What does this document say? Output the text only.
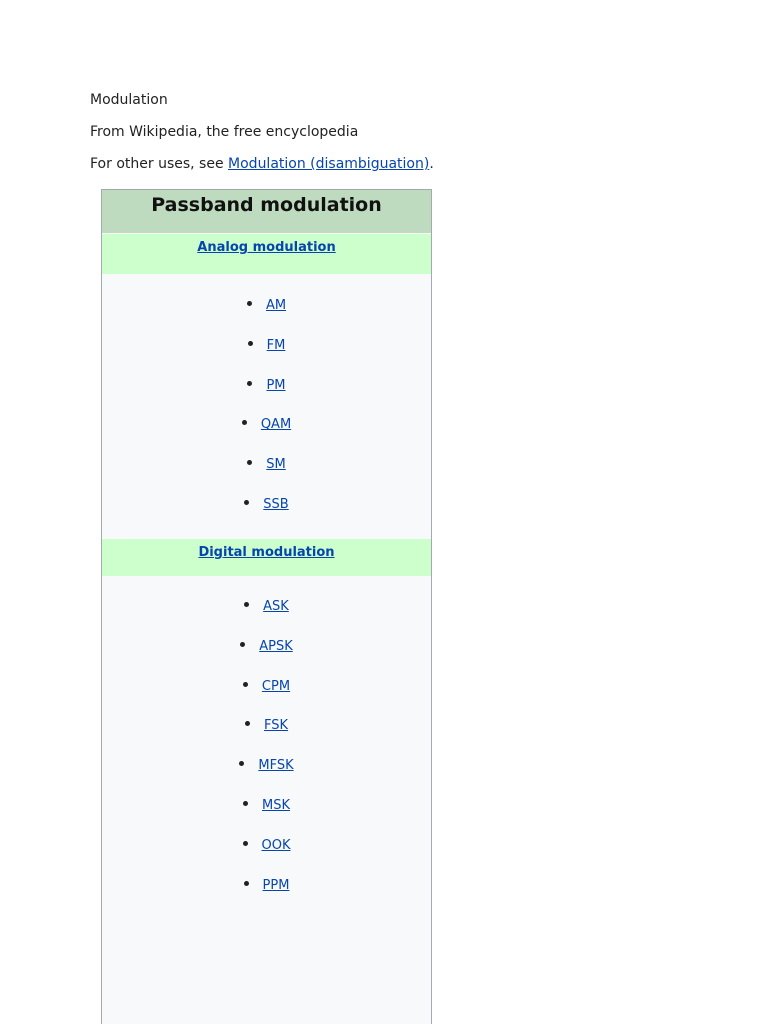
Modulation
From Wikipedia, the free encyclopedia
For other uses, see Modulation (disambiguation).
Passband modulation
Analog modulation
AM
FM
PM
QAM
SM
SSB
Digital modulation
ASK
APSK
CPM
FSK
MFSK
MSK
OOK
PPM
